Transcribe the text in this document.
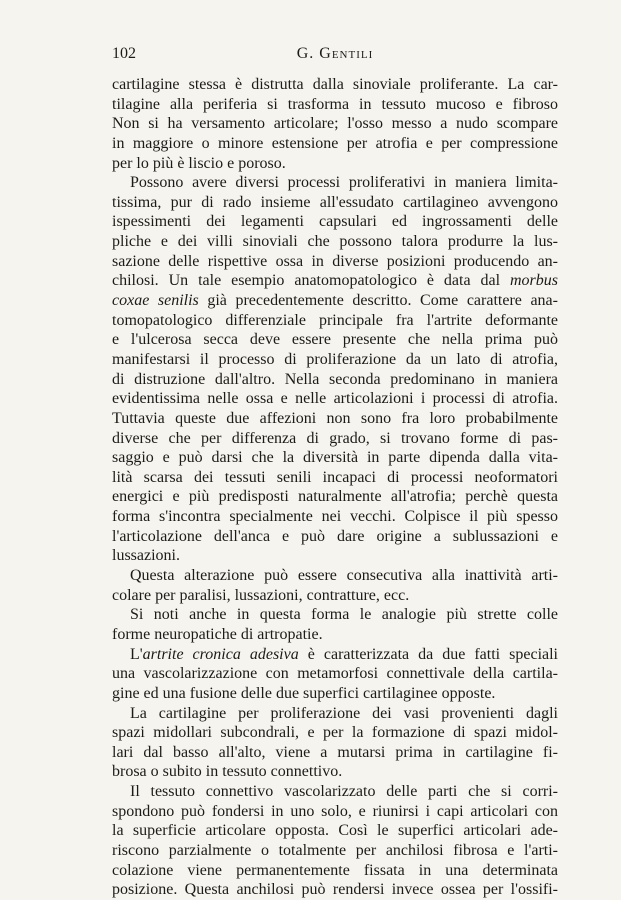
102	G. Gentili
cartilagine stessa è distrutta dalla sinoviale proliferante. La car-
tilagine alla periferia si trasforma in tessuto mucoso e fibroso
Non si ha versamento articolare; l'osso messo a nudo scompare
in maggiore o minore estensione per atrofia e per compressione
per lo più è liscio e poroso.
Possono avere diversi processi proliferativi in maniera limita-
tissima, pur di rado insieme all'essudato cartilagineo avvengono
ispessimenti dei legamenti capsulari ed ingrossamenti delle
pliche e dei villi sinoviali che possono talora produrre la lus-
sazione delle rispettive ossa in diverse posizioni producendo an-
chilosi. Un tale esempio anatomopatologico è data dal morbus
coxae senilis già precedentemente descritto. Come carattere ana-
tomopatologico differenziale principale fra l'artrite deformante
e l'ulcerosa secca deve essere presente che nella prima può
manifestarsi il processo di proliferazione da un lato di atrofia,
di distruzione dall'altro. Nella seconda predominano in maniera
evidentissima nelle ossa e nelle articolazioni i processi di atrofia.
Tuttavia queste due affezioni non sono fra loro probabilmente
diverse che per differenza di grado, si trovano forme di pas-
saggio e può darsi che la diversità in parte dipenda dalla vita-
lità scarsa dei tessuti senili incapaci di processi neoformatori
energici e più predisposti naturalmente all'atrofia; perchè questa
forma s'incontra specialmente nei vecchi. Colpisce il più spesso
l'articolazione dell'anca e può dare origine a sublussazioni e
lussazioni.
Questa alterazione può essere consecutiva alla inattività arti-
colare per paralisi, lussazioni, contratture, ecc.
Si noti anche in questa forma le analogie più strette colle
forme neuropatiche di artropatie.
L'artrite cronica adesiva è caratterizzata da due fatti speciali
una vascolarizzazione con metamorfosi connettivale della cartila-
gine ed una fusione delle due superfici cartilaginee opposte.
La cartilagine per proliferazione dei vasi provenienti dagli
spazi midollari subcondrali, e per la formazione di spazi midol-
lari dal basso all'alto, viene a mutarsi prima in cartilagine fi-
brosa o subito in tessuto connettivo.
Il tessuto connettivo vascolarizzato delle parti che si corri-
spondono può fondersi in uno solo, e riunirsi i capi articolari con
la superficie articolare opposta. Così le superfici articolari ade-
riscono parzialmente o totalmente per anchilosi fibrosa e l'arti-
colazione viene permanentemente fissata in una determinata
posizione. Questa anchilosi può rendersi invece ossea per l'ossifi-
